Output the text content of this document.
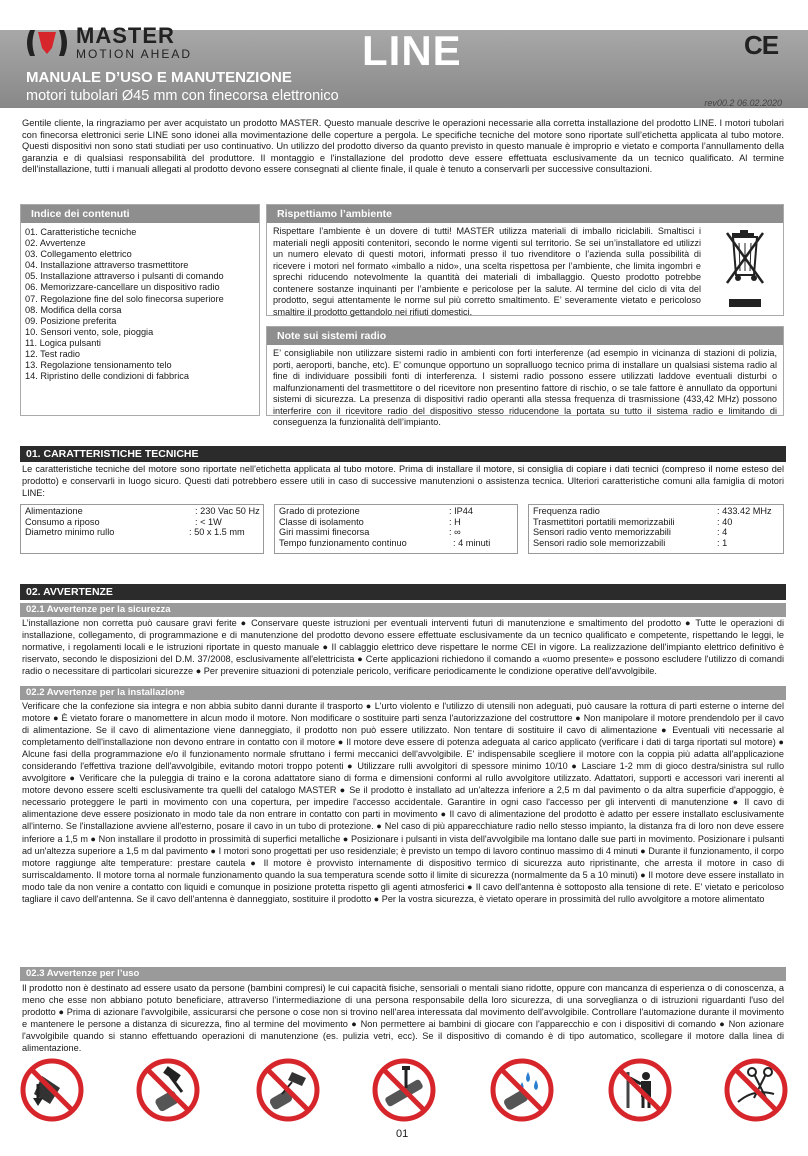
MASTER
MOTION AHEAD	LINE	CE
MANUALE D’USO E MANUTENZIONE
motori tubolari Ø45 mm con finecorsa elettronico	rev00.2 06.02.2020
Gentile cliente, la ringraziamo per aver acquistato un prodotto MASTER. Questo manuale descrive le operazioni necessarie alla corretta installazione del prodotto LINE. I motori tubolari con finecorsa elettronici serie LINE sono idonei alla movimentazione delle coperture a pergola. Le specifiche tecniche del motore sono riportate sull’etichetta applicata al tubo motore. Questi dispositivi non sono stati studiati per uso continuativo. Un utilizzo del prodotto diverso da quanto previsto in questo manuale è improprio e vietato e comporta l’annullamento della garanzia e di qualsiasi responsabilità del produttore. Il montaggio e l'installazione del prodotto deve essere effettuata esclusivamente da un tecnico qualificato. Al termine dell'installazione, tutti i manuali allegati al prodotto devono essere consegnati al cliente finale, il quale è tenuto a conservarli per successive consultazioni.
Indice dei contenuti
01. Caratteristiche tecniche
02. Avvertenze
03. Collegamento elettrico
04. Installazione attraverso trasmettitore
05. Installazione attraverso i pulsanti di comando
06. Memorizzare-cancellare un dispositivo radio
07. Regolazione fine del solo finecorsa superiore
08. Modifica della corsa
09. Posizione preferita
10. Sensori vento, sole, pioggia
11. Logica pulsanti
12. Test radio
13. Regolazione tensionamento telo
14. Ripristino delle condizioni di fabbrica
Rispettiamo l’ambiente
Rispettare l’ambiente è un dovere di tutti! MASTER utilizza materiali di imballo riciclabili. Smaltisci i materiali negli appositi contenitori, secondo le norme vigenti sul territorio. Se sei un’installatore ed utilizzi un numero elevato di questi motori, informati presso il tuo rivenditore o l’azienda sulla possibilità di ricevere i motori nel formato «imballo a nido», una scelta rispettosa per l’ambiente, che limita ingombri e sprechi riducendo notevolmente la quantità dei materiali di imballaggio. Questo prodotto potrebbe contenere sostanze inquinanti per l’ambiente e pericolose per la salute. Al termine del ciclo di vita del prodotto, segui attentamente le norme sul più corretto smaltimento. E’ severamente vietato e pericoloso smaltire il prodotto gettandolo nei rifiuti domestici.
Note sui sistemi radio
E’ consigliabile non utilizzare sistemi radio in ambienti con forti interferenze (ad esempio in vicinanza di stazioni di polizia, porti, aeroporti, banche, etc). E’ comunque opportuno un sopralluogo tecnico prima di installare un qualsiasi sistema radio al fine di individuare possibili fonti di interferenza. I sistemi radio possono essere utilizzati laddove eventuali disturbi o malfunzionamenti del trasmettitore o del ricevitore non presentino fattore di rischio, o se tale fattore è annullato da opportuni sistemi di sicurezza. La presenza di dispositivi radio operanti alla stessa frequenza di trasmissione (433,42 MHz) possono interferire con il ricevitore radio del dispositivo stesso riducendone la portata su tutto il sistema radio e limitando di conseguenza la funzionalità dell’impianto.
01. CARATTERISTICHE TECNICHE
Le caratteristiche tecniche del motore sono riportate nell'etichetta applicata al tubo motore. Prima di installare il motore, si consiglia di copiare i dati tecnici (compreso il nome esteso del prodotto) e conservarli in luogo sicuro. Questi dati potrebbero essere utili in caso di successive manutenzioni o assistenza tecnica. Ulteriori caratteristiche comuni alla famiglia di motori LINE:
Alimentazione	: 230 Vac 50 Hz
Consumo a riposo	: < 1W
Diametro minimo rullo	: 50 x 1.5 mm
Grado di protezione	: IP44
Classe di isolamento	: H
Giri massimi finecorsa	: ∞
Tempo funzionamento continuo	: 4 minuti
Frequenza radio	: 433.42 MHz
Trasmettitori portatili memorizzabili	: 40
Sensori radio vento memorizzabili	: 4
Sensori radio sole memorizzabili	: 1
02. AVVERTENZE
02.1 Avvertenze per la sicurezza
L’installazione non corretta può causare gravi ferite ● Conservare queste istruzioni per eventuali interventi futuri di manutenzione e smaltimento del prodotto ● Tutte le operazioni di installazione, collegamento, di programmazione e di manutenzione del prodotto devono essere effettuate esclusivamente da un tecnico qualificato e competente, rispettando le leggi, le normative, i regolamenti locali e le istruzioni riportate in questo manuale ● Il cablaggio elettrico deve rispettare le norme CEI in vigore. La realizzazione dell'impianto elettrico definitivo è riservato, secondo le disposizioni del D.M. 37/2008, esclusivamente all'elettricista ● Certe applicazioni richiedono il comando a «uomo presente» e possono escludere l'utilizzo di comandi radio o necessitare di particolari sicurezze ● Per prevenire situazioni di potenziale pericolo, verificare periodicamente le condizione operative dell'avvolgibile.
02.2 Avvertenze per la installazione
Verificare che la confezione sia integra e non abbia subito danni durante il trasporto ● L'urto violento e l'utilizzo di utensili non adeguati, può causare la rottura di parti esterne o interne del motore ● È vietato forare o manomettere in alcun modo il motore. Non modificare o sostituire parti senza l'autorizzazione del costruttore ● Non manipolare il motore prendendolo per il cavo di alimentazione. Se il cavo di alimentazione viene danneggiato, il prodotto non può essere utilizzato. Non tentare di sostituire il cavo di alimentazione ● Eventuali viti necessarie al completamento dell'installazione non devono entrare in contatto con il motore ● Il motore deve essere di potenza adeguata al carico applicato (verificare i dati di targa riportati sul motore) ● Alcune fasi della programmazione e/o il funzionamento normale sfruttano i fermi meccanici dell'avvolgibile. E' indispensabile scegliere il motore con la coppia più adatta all'applicazione considerando l'effettiva trazione dell'avvolgibile, evitando motori troppo potenti ● Utilizzare rulli avvolgitori di spessore minimo 10/10 ● Lasciare 1-2 mm di gioco destra/sinistra sul rullo avvolgitore ● Verificare che la puleggia di traino e la corona adattatore siano di forma e dimensioni conformi al rullo avvolgitore utilizzato. Adattatori, supporti e accessori vari inerenti al motore devono essere scelti esclusivamente tra quelli del catalogo MASTER ● Se il prodotto è installato ad un'altezza inferiore a 2,5 m dal pavimento o da altra superficie d'appoggio, è necessario proteggere le parti in movimento con una copertura, per impedire l'accesso accidentale. Garantire in ogni caso l'accesso per gli interventi di manutenzione ● Il cavo di alimentazione deve essere posizionato in modo tale da non entrare in contatto con parti in movimento ● Il cavo di alimentazione del prodotto è adatto per essere installato esclusivamente all'interno. Se l'installazione avviene all'esterno, posare il cavo in un tubo di protezione. ● Nel caso di più apparecchiature radio nello stesso impianto, la distanza fra di loro non deve essere inferiore a 1,5 m ● Non installare il prodotto in prossimità di superfici metalliche ● Posizionare i pulsanti in vista dell'avvolgibile ma lontano dalle sue parti in movimento. Posizionare i pulsanti ad un'altezza superiore a 1,5 m dal pavimento ● I motori sono progettati per uso residenziale; è previsto un tempo di lavoro continuo massimo di 4 minuti ● Durante il funzionamento, il corpo motore raggiunge alte temperature: prestare cautela ● Il motore è provvisto internamente di dispositivo termico di sicurezza auto ripristinante, che arresta il motore in caso di surriscaldamento. Il motore torna al normale funzionamento quando la sua temperatura scende sotto il limite di sicurezza (normalmente da 5 a 10 minuti) ● Il motore deve essere installato in modo tale da non venire a contatto con liquidi e comunque in posizione protetta rispetto gli agenti atmosferici ● Il cavo dell'antenna è sottoposto alla tensione di rete. E' vietato e pericoloso tagliare il cavo dell'antenna. Se il cavo dell'antenna è danneggiato, sostituire il prodotto ● Per la vostra sicurezza, è vietato operare in prossimità del rullo avvolgitore a motore alimentato
02.3 Avvertenze per l’uso
Il prodotto non è destinato ad essere usato da persone (bambini compresi) le cui capacità fisiche, sensoriali o mentali siano ridotte, oppure con mancanza di esperienza o di conoscenza, a meno che esse non abbiano potuto beneficiare, attraverso l’intermediazione di una persona responsabile della loro sicurezza, di una sorveglianza o di istruzioni riguardanti l'uso del prodotto ● Prima di azionare l'avvolgibile, assicurarsi che persone o cose non si trovino nell'area interessata dal movimento dell'avvolgibile. Controllare l'automazione durante il movimento e mantenere le persone a distanza di sicurezza, fino al termine del movimento ● Non permettere ai bambini di giocare con l'apparecchio e con i dispositivi di comando ● Non azionare l'avvolgibile quando si stanno effettuando operazioni di manutenzione (es. pulizia vetri, ecc). Se il dispositivo di comando è di tipo automatico, scollegare il motore dalla linea di alimentazione.
01
